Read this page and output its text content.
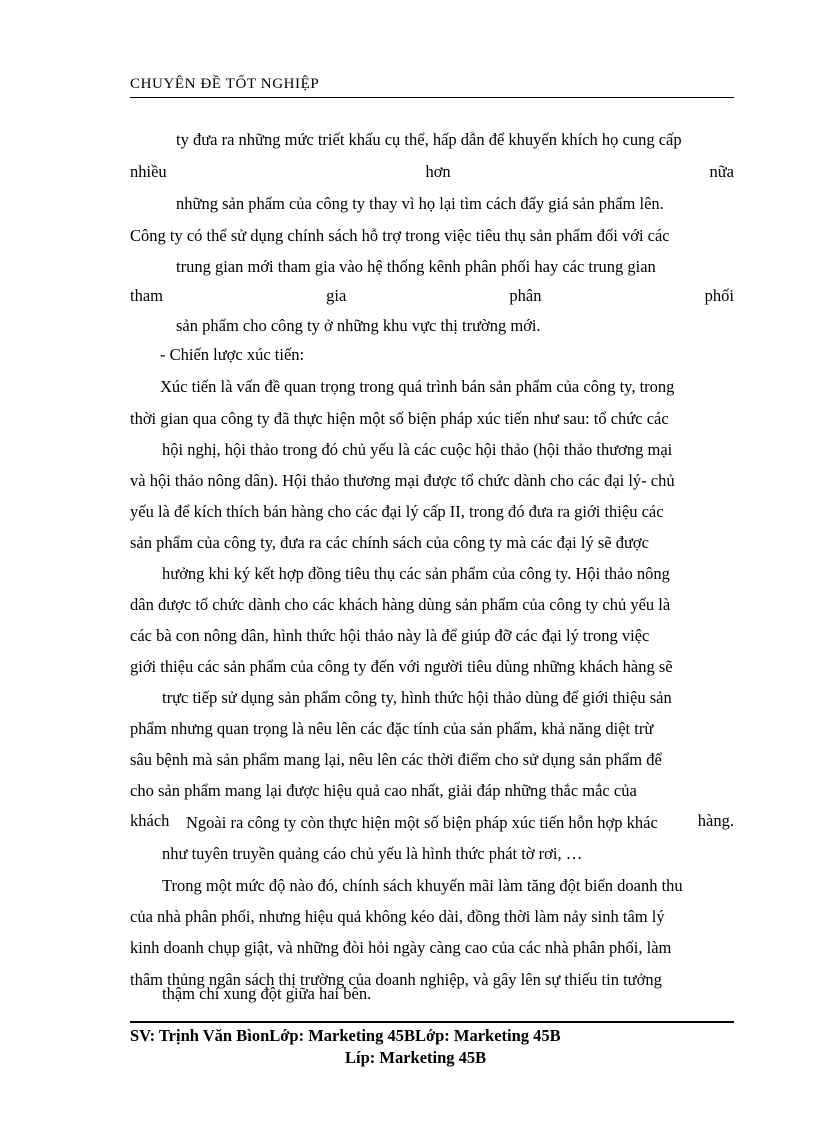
CHUYÊN ĐỀ TỐT NGHIỆP
ty đưa ra những mức triết khấu cụ thể, hấp dẫn để khuyến khích họ cung cấp
nhiều	hơn	nữa
những sản phẩm của công ty thay vì họ lại tìm cách đẩy giá sản phẩm lên.
Công ty có thể sử dụng chính sách hỗ trợ trong việc tiêu thụ sản phẩm đối với các
trung gian mới tham gia vào hệ thống kênh phân phối hay các trung gian
tham	gia	phân	phối
sản phẩm cho công ty ở những khu vực thị trường mới.
- Chiến lược xúc tiến:
Xúc tiến là vấn đề quan trọng trong quá trình bán sản phẩm của công ty, trong
thời gian qua công ty đã thực hiện một số biện pháp xúc tiến như sau: tổ chức các
hội nghị, hội thảo trong đó chủ yếu là các cuộc hội thảo (hội thảo thương mại
và hội thảo nông dân). Hội thảo thương mại được tổ chức dành cho các đại lý- chủ
yếu là để kích thích bán hàng cho các đại lý cấp II, trong đó đưa ra giới thiệu các
sản phẩm của công ty, đưa ra các chính sách của công ty mà các đại lý sẽ được
hưởng khi ký kết hợp đồng tiêu thụ các sản phẩm của công ty. Hội thảo nông
dân được tổ chức dành cho các khách hàng dùng sản phẩm của công ty chủ yếu là
các bà con nông dân, hình thức hội thảo này là để giúp đỡ các đại lý trong việc
giới thiệu các sản phẩm của công ty đến với người tiêu dùng những khách hàng sẽ
trực tiếp sử dụng sản phẩm công ty, hình thức hội thảo dùng để giới thiệu sản
phẩm nhưng quan trọng là nêu lên các đặc tính của sản phẩm, khả năng diệt trừ
sâu bệnh mà sản phẩm mang lại, nêu lên các thời điểm cho sử dụng sản phẩm để
cho sản phẩm mang lại được hiệu quả cao nhất, giải đáp những thắc mắc của
khách	hàng.
Ngoài ra công ty còn thực hiện một số biện pháp xúc tiến hỗn hợp khác
như tuyên truyền quảng cáo chủ yếu là hình thức phát tờ rơi, …
Trong một mức độ nào đó, chính sách khuyến mãi làm tăng đột biến doanh thu
của nhà phân phối, nhưng hiệu quả không kéo dài, đồng thời làm nảy sinh tâm lý
kinh doanh chụp giật, và những đòi hỏi ngày càng cao của các nhà phân phối, làm
thâm thủng ngân sách thị trường của doanh nghiệp, và gây lên sự thiếu tin tưởng
thậm chí xung đột giữa hai bên.
SV: Trịnh Văn BìonLớp: Marketing 45BLớp: Marketing 45B
Líp: Marketing 45B
